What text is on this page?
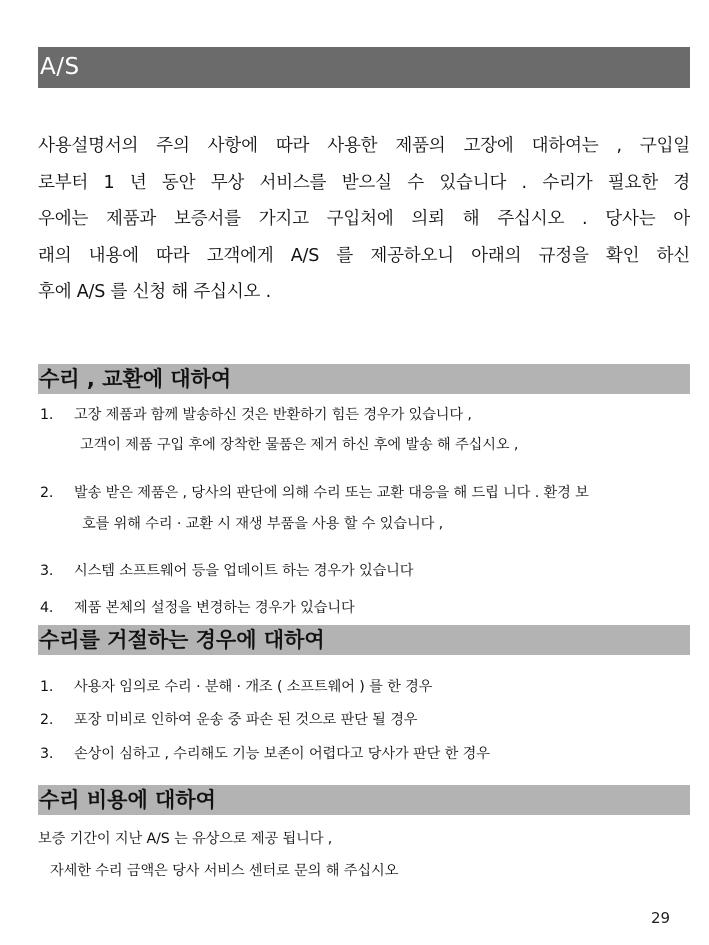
A/S
사용설명서의 주의 사항에 따라 사용한 제품의 고장에 대하여는 , 구입일
로부터 1 년 동안 무상 서비스를 받으실 수 있습니다 . 수리가 필요한 경
우에는 제품과 보증서를 가지고 구입처에 의뢰 해 주십시오 . 당사는 아
래의 내용에 따라 고객에게 A/S 를 제공하오니 아래의 규정을 확인 하신
후에 A/S 를 신청 해 주십시오 .
수리 , 교환에 대하여
1. 고장 제품과 함께 발송하신 것은 반환하기 힘든 경우가 있습니다 ,
고객이 제품 구입 후에 장착한 물품은 제거 하신 후에 발송 해 주십시오 ,
2. 발송 받은 제품은 , 당사의 판단에 의해 수리 또는 교환 대응을 해 드립 니다 . 환경 보
호를 위해 수리 · 교환 시 재생 부품을 사용 할 수 있습니다 ,
3. 시스템 소프트웨어 등을 업데이트 하는 경우가 있습니다
4. 제품 본체의 설정을 변경하는 경우가 있습니다
수리를 거절하는 경우에 대하여
1. 사용자 임의로 수리 · 분해 · 개조 ( 소프트웨어 ) 를 한 경우
2. 포장 미비로 인하여 운송 중 파손 된 것으로 판단 될 경우
3. 손상이 심하고 , 수리해도 기능 보존이 어렵다고 당사가 판단 한 경우
수리 비용에 대하여
보증 기간이 지난 A/S 는 유상으로 제공 됩니다 ,
자세한 수리 금액은 당사 서비스 센터로 문의 해 주십시오
29
